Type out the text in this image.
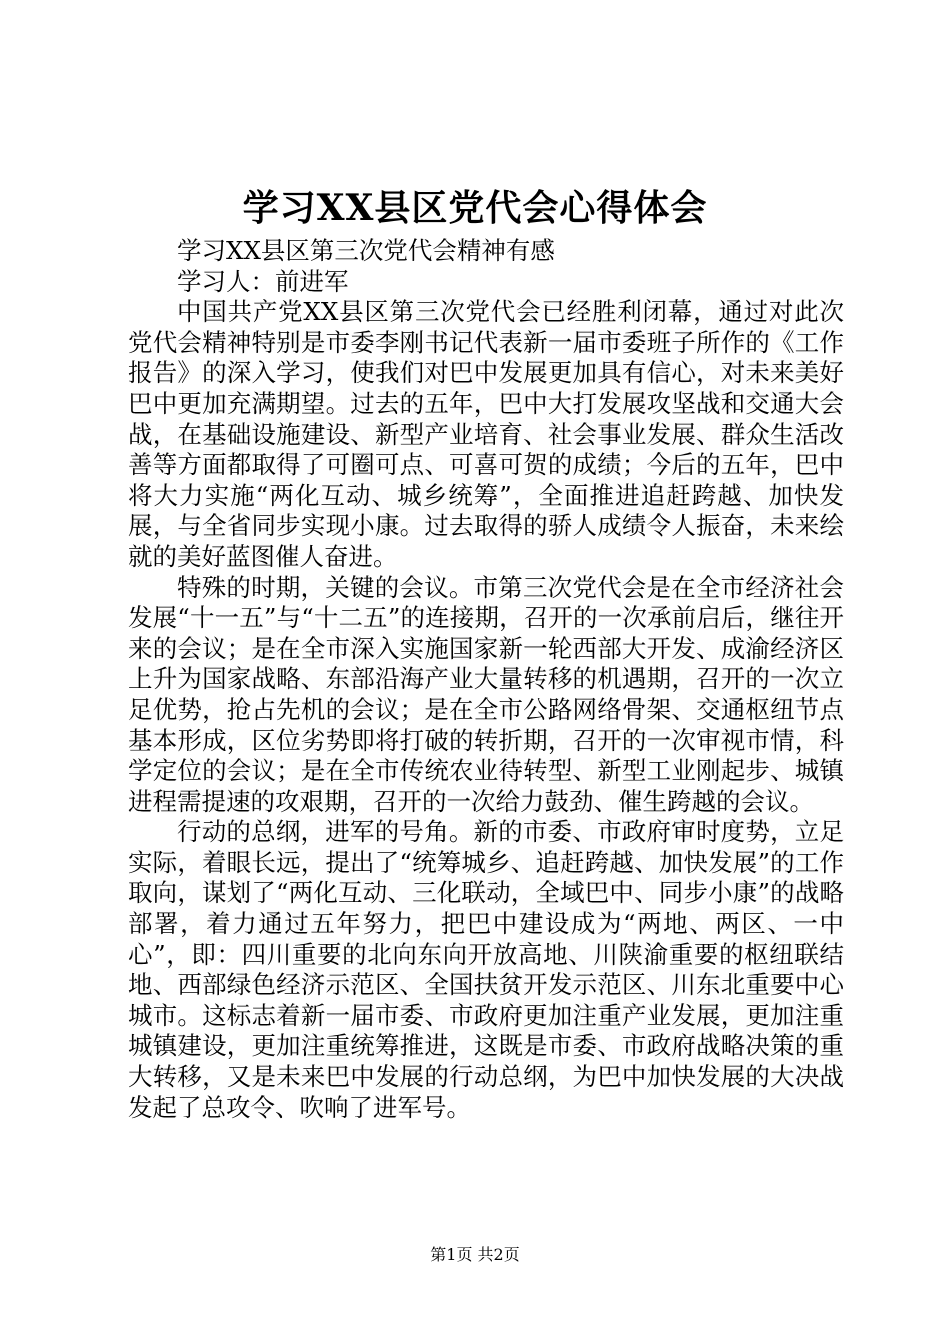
学习XX县区党代会心得体会

学习XX县区第三次党代会精神有感

学习人：前进军

中国共产党XX县区第三次党代会已经胜利闭幕，通过对此次党代会精神特别是市委李刚书记代表新一届市委班子所作的《工作报告》的深入学习，使我们对巴中发展更加具有信心，对未来美好巴中更加充满期望。过去的五年，巴中大打发展攻坚战和交通大会战，在基础设施建设、新型产业培育、社会事业发展、群众生活改善等方面都取得了可圈可点、可喜可贺的成绩；今后的五年，巴中将大力实施“两化互动、城乡统筹”，全面推进追赶跨越、加快发展，与全省同步实现小康。过去取得的骄人成绩令人振奋，未来绘就的美好蓝图催人奋进。

特殊的时期，关键的会议。市第三次党代会是在全市经济社会发展“十一五”与“十二五”的连接期，召开的一次承前启后，继往开来的会议；是在全市深入实施国家新一轮西部大开发、成渝经济区上升为国家战略、东部沿海产业大量转移的机遇期，召开的一次立足优势，抢占先机的会议；是在全市公路网络骨架、交通枢纽节点基本形成，区位劣势即将打破的转折期，召开的一次审视市情，科学定位的会议；是在全市传统农业待转型、新型工业刚起步、城镇进程需提速的攻艰期，召开的一次给力鼓劲、催生跨越的会议。

行动的总纲，进军的号角。新的市委、市政府审时度势，立足实际，着眼长远，提出了“统筹城乡、追赶跨越、加快发展”的工作取向，谋划了“两化互动、三化联动，全域巴中、同步小康”的战略部署，着力通过五年努力，把巴中建设成为“两地、两区、一中心”，即：四川重要的北向东向开放高地、川陕渝重要的枢纽联结地、西部绿色经济示范区、全国扶贫开发示范区、川东北重要中心城市。这标志着新一届市委、市政府更加注重产业发展，更加注重城镇建设，更加注重统筹推进，这既是市委、市政府战略决策的重大转移，又是未来巴中发展的行动总纲，为巴中加快发展的大决战发起了总攻令、吹响了进军号。

第1页 共2页
